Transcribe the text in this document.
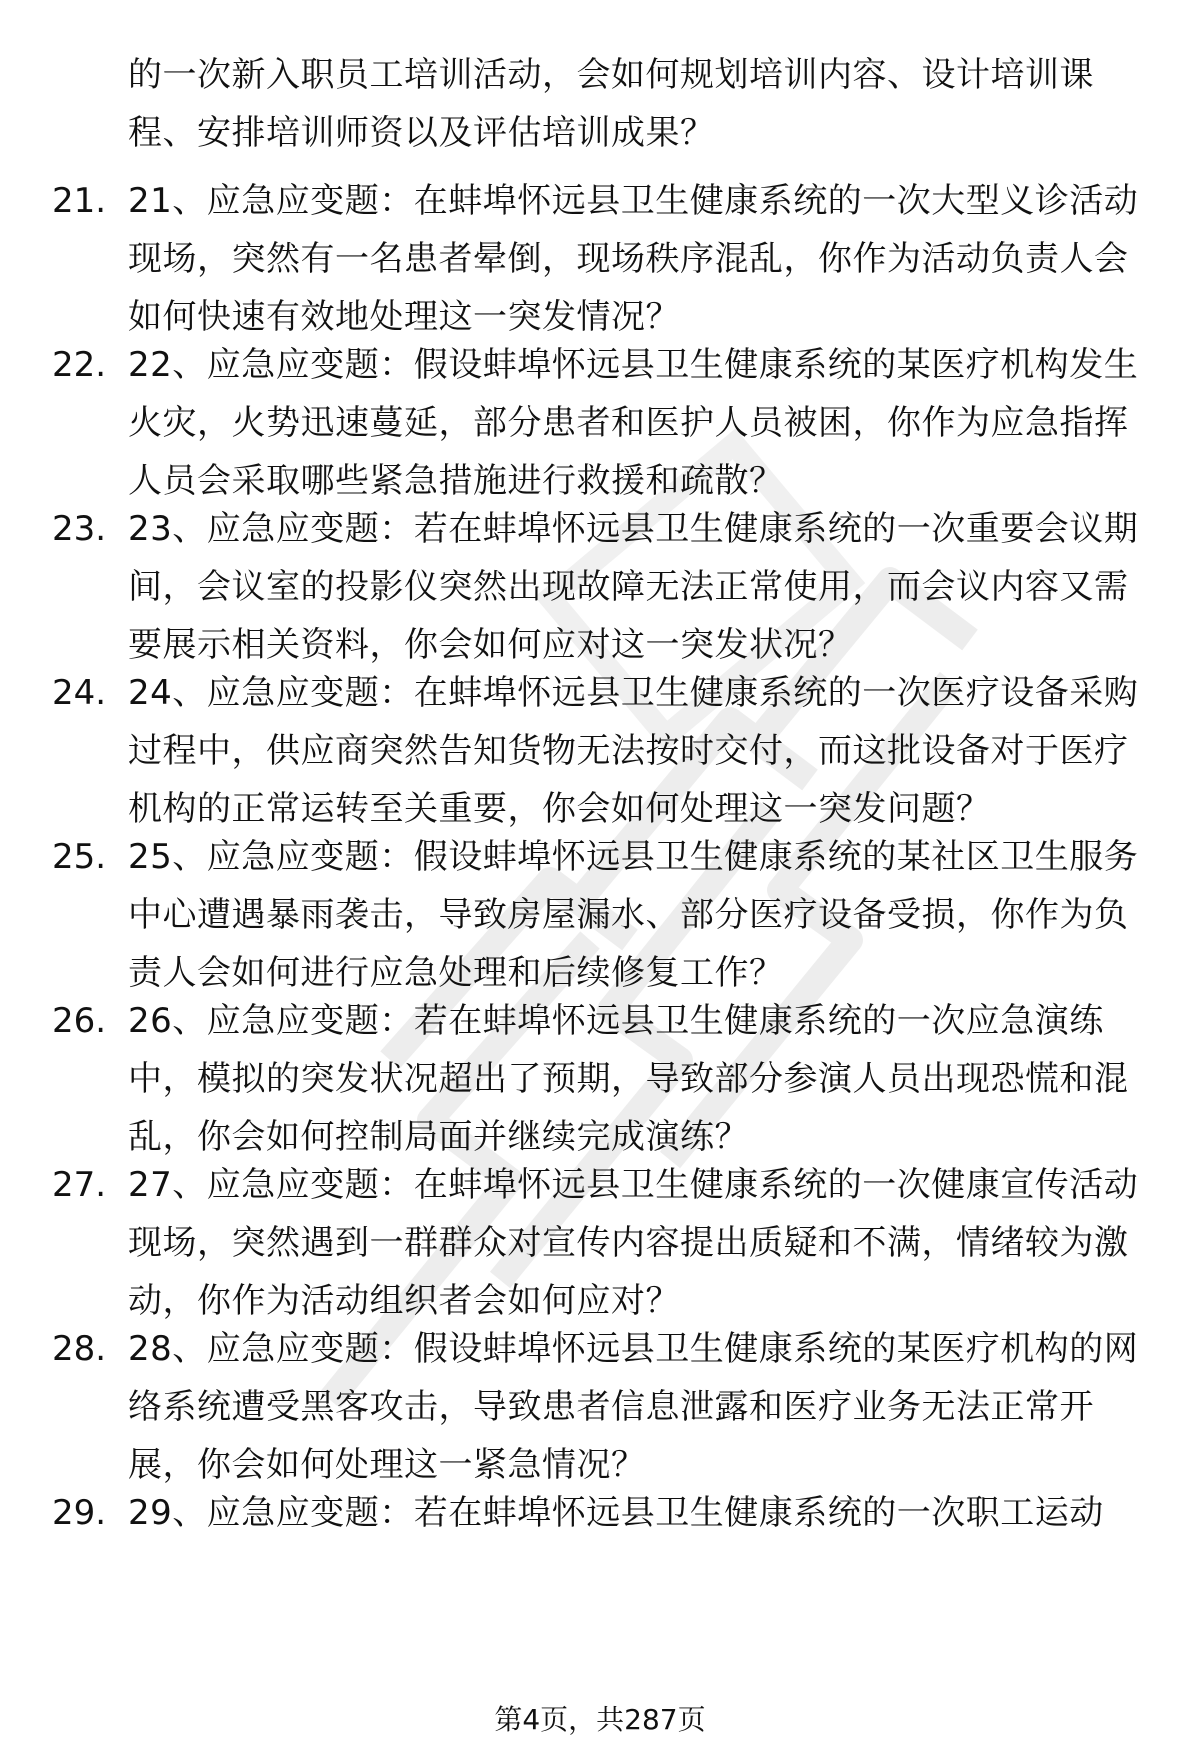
的一次新入职员工培训活动，会如何规划培训内容、设计培训课程、安排培训师资以及评估培训成果？
21. 21、应急应变题：在蚌埠怀远县卫生健康系统的一次大型义诊活动现场，突然有一名患者晕倒，现场秩序混乱，你作为活动负责人会如何快速有效地处理这一突发情况？
22. 22、应急应变题：假设蚌埠怀远县卫生健康系统的某医疗机构发生火灾，火势迅速蔓延，部分患者和医护人员被困，你作为应急指挥人员会采取哪些紧急措施进行救援和疏散？
23. 23、应急应变题：若在蚌埠怀远县卫生健康系统的一次重要会议期间，会议室的投影仪突然出现故障无法正常使用，而会议内容又需要展示相关资料，你会如何应对这一突发状况？
24. 24、应急应变题：在蚌埠怀远县卫生健康系统的一次医疗设备采购过程中，供应商突然告知货物无法按时交付，而这批设备对于医疗机构的正常运转至关重要，你会如何处理这一突发问题？
25. 25、应急应变题：假设蚌埠怀远县卫生健康系统的某社区卫生服务中心遭遇暴雨袭击，导致房屋漏水、部分医疗设备受损，你作为负责人会如何进行应急处理和后续修复工作？
26. 26、应急应变题：若在蚌埠怀远县卫生健康系统的一次应急演练中，模拟的突发状况超出了预期，导致部分参演人员出现恐慌和混乱，你会如何控制局面并继续完成演练？
27. 27、应急应变题：在蚌埠怀远县卫生健康系统的一次健康宣传活动现场，突然遇到一群群众对宣传内容提出质疑和不满，情绪较为激动，你作为活动组织者会如何应对？
28. 28、应急应变题：假设蚌埠怀远县卫生健康系统的某医疗机构的网络系统遭受黑客攻击，导致患者信息泄露和医疗业务无法正常开展，你会如何处理这一紧急情况？
29. 29、应急应变题：若在蚌埠怀远县卫生健康系统的一次职工运动
第4页，共287页
